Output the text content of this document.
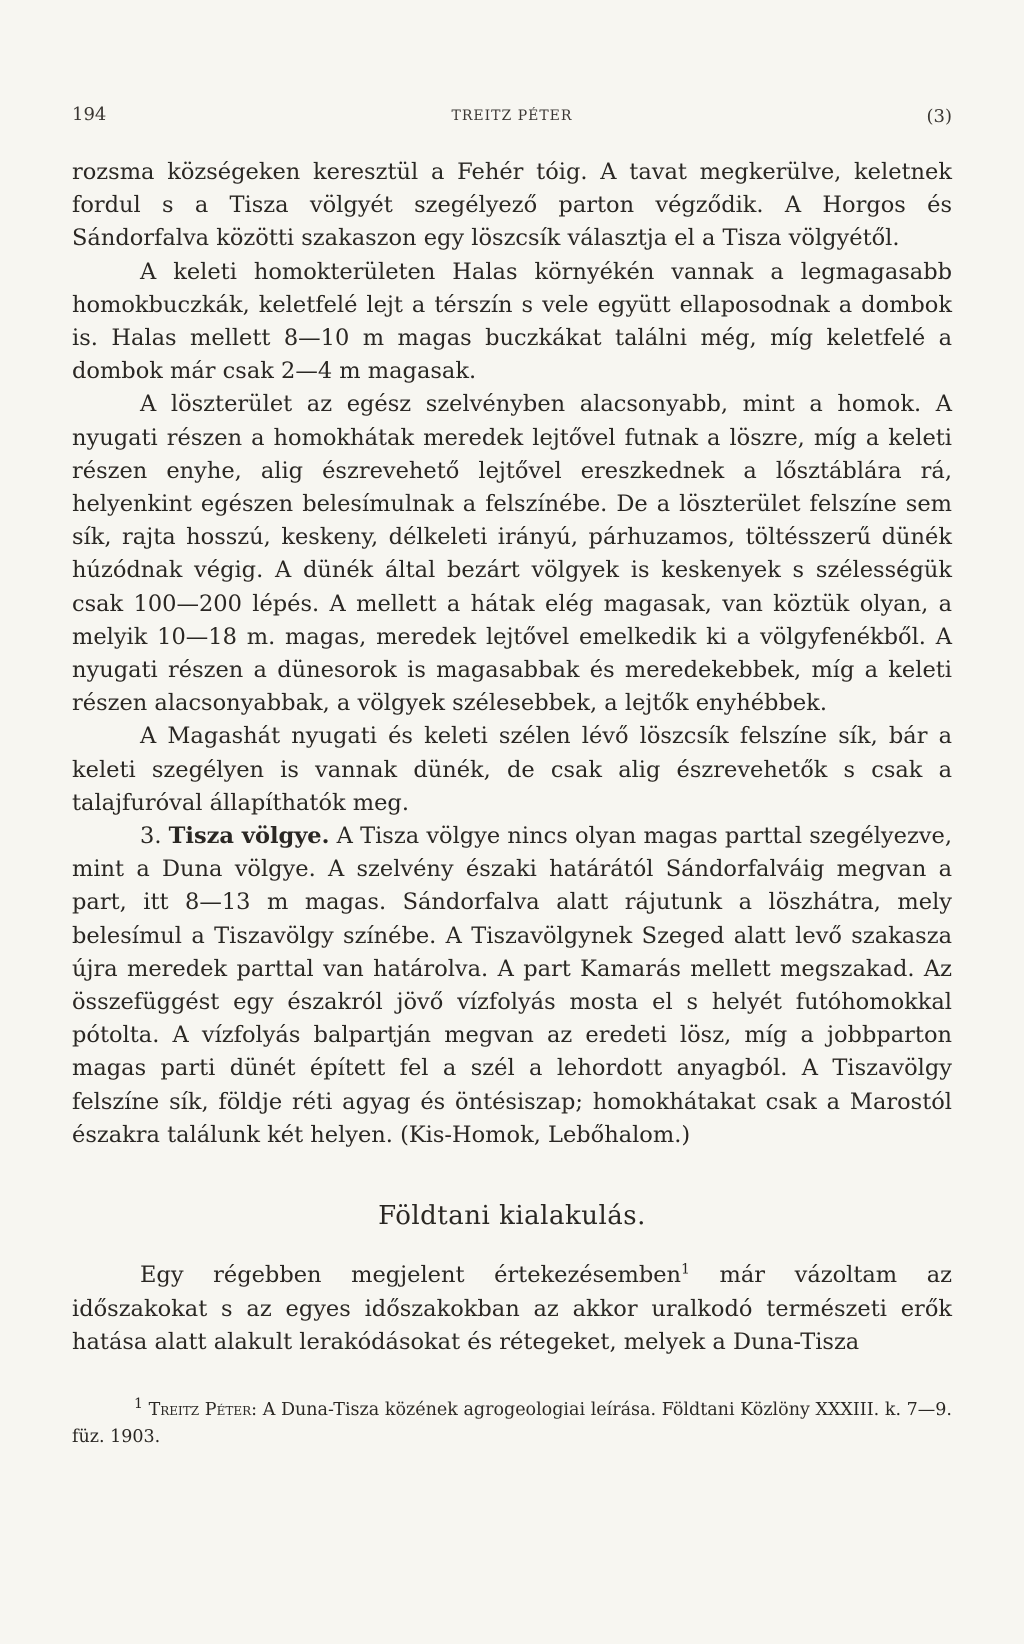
194	TREITZ PÉTER	(3)

rozsma községeken keresztül a Fehér tóig. A tavat megkerülve, keletnek fordul s a Tisza völgyét szegélyező parton végződik. A Horgos és Sándorfalva közötti szakaszon egy löszcsík választja el a Tisza völgyétől.

A keleti homokterületen Halas környékén vannak a legmagasabb homokbuczkák, keletfelé lejt a térszín s vele együtt ellaposodnak a dombok is. Halas mellett 8—10 m magas buczkákat találni még, míg keletfelé a dombok már csak 2—4 m magasak.

A löszterület az egész szelvényben alacsonyabb, mint a homok. A nyugati részen a homokhátak meredek lejtővel futnak a löszre, míg a keleti részen enyhe, alig észrevehető lejtővel ereszkednek a lősztáblára rá, helyenkint egészen belesímulnak a felszínébe. De a löszterület felszíne sem sík, rajta hosszú, keskeny, délkeleti irányú, párhuzamos, töltésszerű dünék húzódnak végig. A dünék által bezárt völgyek is keskenyek s szélességük csak 100—200 lépés. A mellett a hátak elég magasak, van köztük olyan, a melyik 10—18 m. magas, meredek lejtővel emelkedik ki a völgyfenékből. A nyugati részen a dünesorok is magasabbak és meredekebbek, míg a keleti részen alacsonyabbak, a völgyek szélesebbek, a lejtők enyhébbek.

A Magashát nyugati és keleti szélen lévő löszcsík felszíne sík, bár a keleti szegélyen is vannak dünék, de csak alig észrevehetők s csak a talajfuróval állapíthatók meg.

3. Tisza völgye. A Tisza völgye nincs olyan magas parttal szegélyezve, mint a Duna völgye. A szelvény északi határától Sándorfalváig megvan a part, itt 8—13 m magas. Sándorfalva alatt rájutunk a löszhátra, mely belesímul a Tiszavölgy színébe. A Tiszavölgynek Szeged alatt levő szakasza újra meredek parttal van határolva. A part Kamarás mellett megszakad. Az összefüggést egy északról jövő vízfolyás mosta el s helyét futóhomokkal pótolta. A vízfolyás balpartján megvan az eredeti lösz, míg a jobbparton magas parti dünét épített fel a szél a lehordott anyagból. A Tiszavölgy felszíne sík, földje réti agyag és öntésiszap; homokhátakat csak a Marostól északra találunk két helyen. (Kis-Homok, Lebőhalom.)

Földtani kialakulás.

Egy régebben megjelent értekezésemben$^1$ már vázoltam az időszakokat s az egyes időszakokban az akkor uralkodó természeti erők hatása alatt alakult lerakódásokat és rétegeket, melyek a Duna-Tisza

$^1$ Treitz Péter: A Duna-Tisza közének agrogeologiai leírása. Földtani Közlöny XXXIII. k. 7—9. füz. 1903.
